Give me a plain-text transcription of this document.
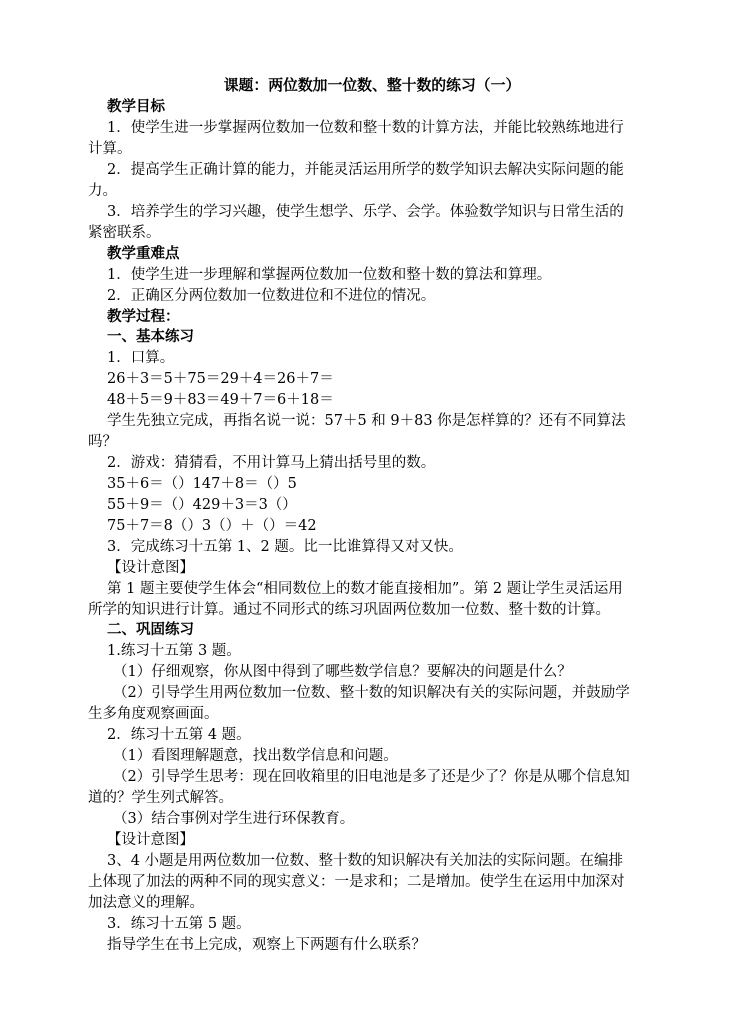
课题：两位数加一位数、整十数的练习（一）
教学目标
1．使学生进一步掌握两位数加一位数和整十数的计算方法，并能比较熟练地进行
计算。
2．提高学生正确计算的能力，并能灵活运用所学的数学知识去解决实际问题的能
力。
3．培养学生的学习兴趣，使学生想学、乐学、会学。体验数学知识与日常生活的
紧密联系。
教学重难点
1．使学生进一步理解和掌握两位数加一位数和整十数的算法和算理。
2．正确区分两位数加一位数进位和不进位的情况。
教学过程：
一、基本练习
1．口算。
26＋3＝5＋75＝29＋4＝26＋7＝
48＋5＝9＋83＝49＋7＝6＋18＝
学生先独立完成，再指名说一说：57＋5 和 9＋83 你是怎样算的？还有不同算法
吗？
2．游戏：猜猜看，不用计算马上猜出括号里的数。
35＋6＝（）147＋8＝（）5
55＋9＝（）429＋3＝3（）
75＋7＝8（）3（）＋（）＝42
3．完成练习十五第 1、2 题。比一比谁算得又对又快。
【设计意图】
第 1 题主要使学生体会“相同数位上的数才能直接相加”。第 2 题让学生灵活运用
所学的知识进行计算。通过不同形式的练习巩固两位数加一位数、整十数的计算。
二、巩固练习
1.练习十五第 3 题。
（1）仔细观察，你从图中得到了哪些数学信息？要解决的问题是什么？
（2）引导学生用两位数加一位数、整十数的知识解决有关的实际问题，并鼓励学
生多角度观察画面。
2．练习十五第 4 题。
（1）看图理解题意，找出数学信息和问题。
（2）引导学生思考：现在回收箱里的旧电池是多了还是少了？你是从哪个信息知
道的？学生列式解答。
（3）结合事例对学生进行环保教育。
【设计意图】
3、4 小题是用两位数加一位数、整十数的知识解决有关加法的实际问题。在编排
上体现了加法的两种不同的现实意义：一是求和；二是增加。使学生在运用中加深对
加法意义的理解。
3．练习十五第 5 题。
指导学生在书上完成，观察上下两题有什么联系？
